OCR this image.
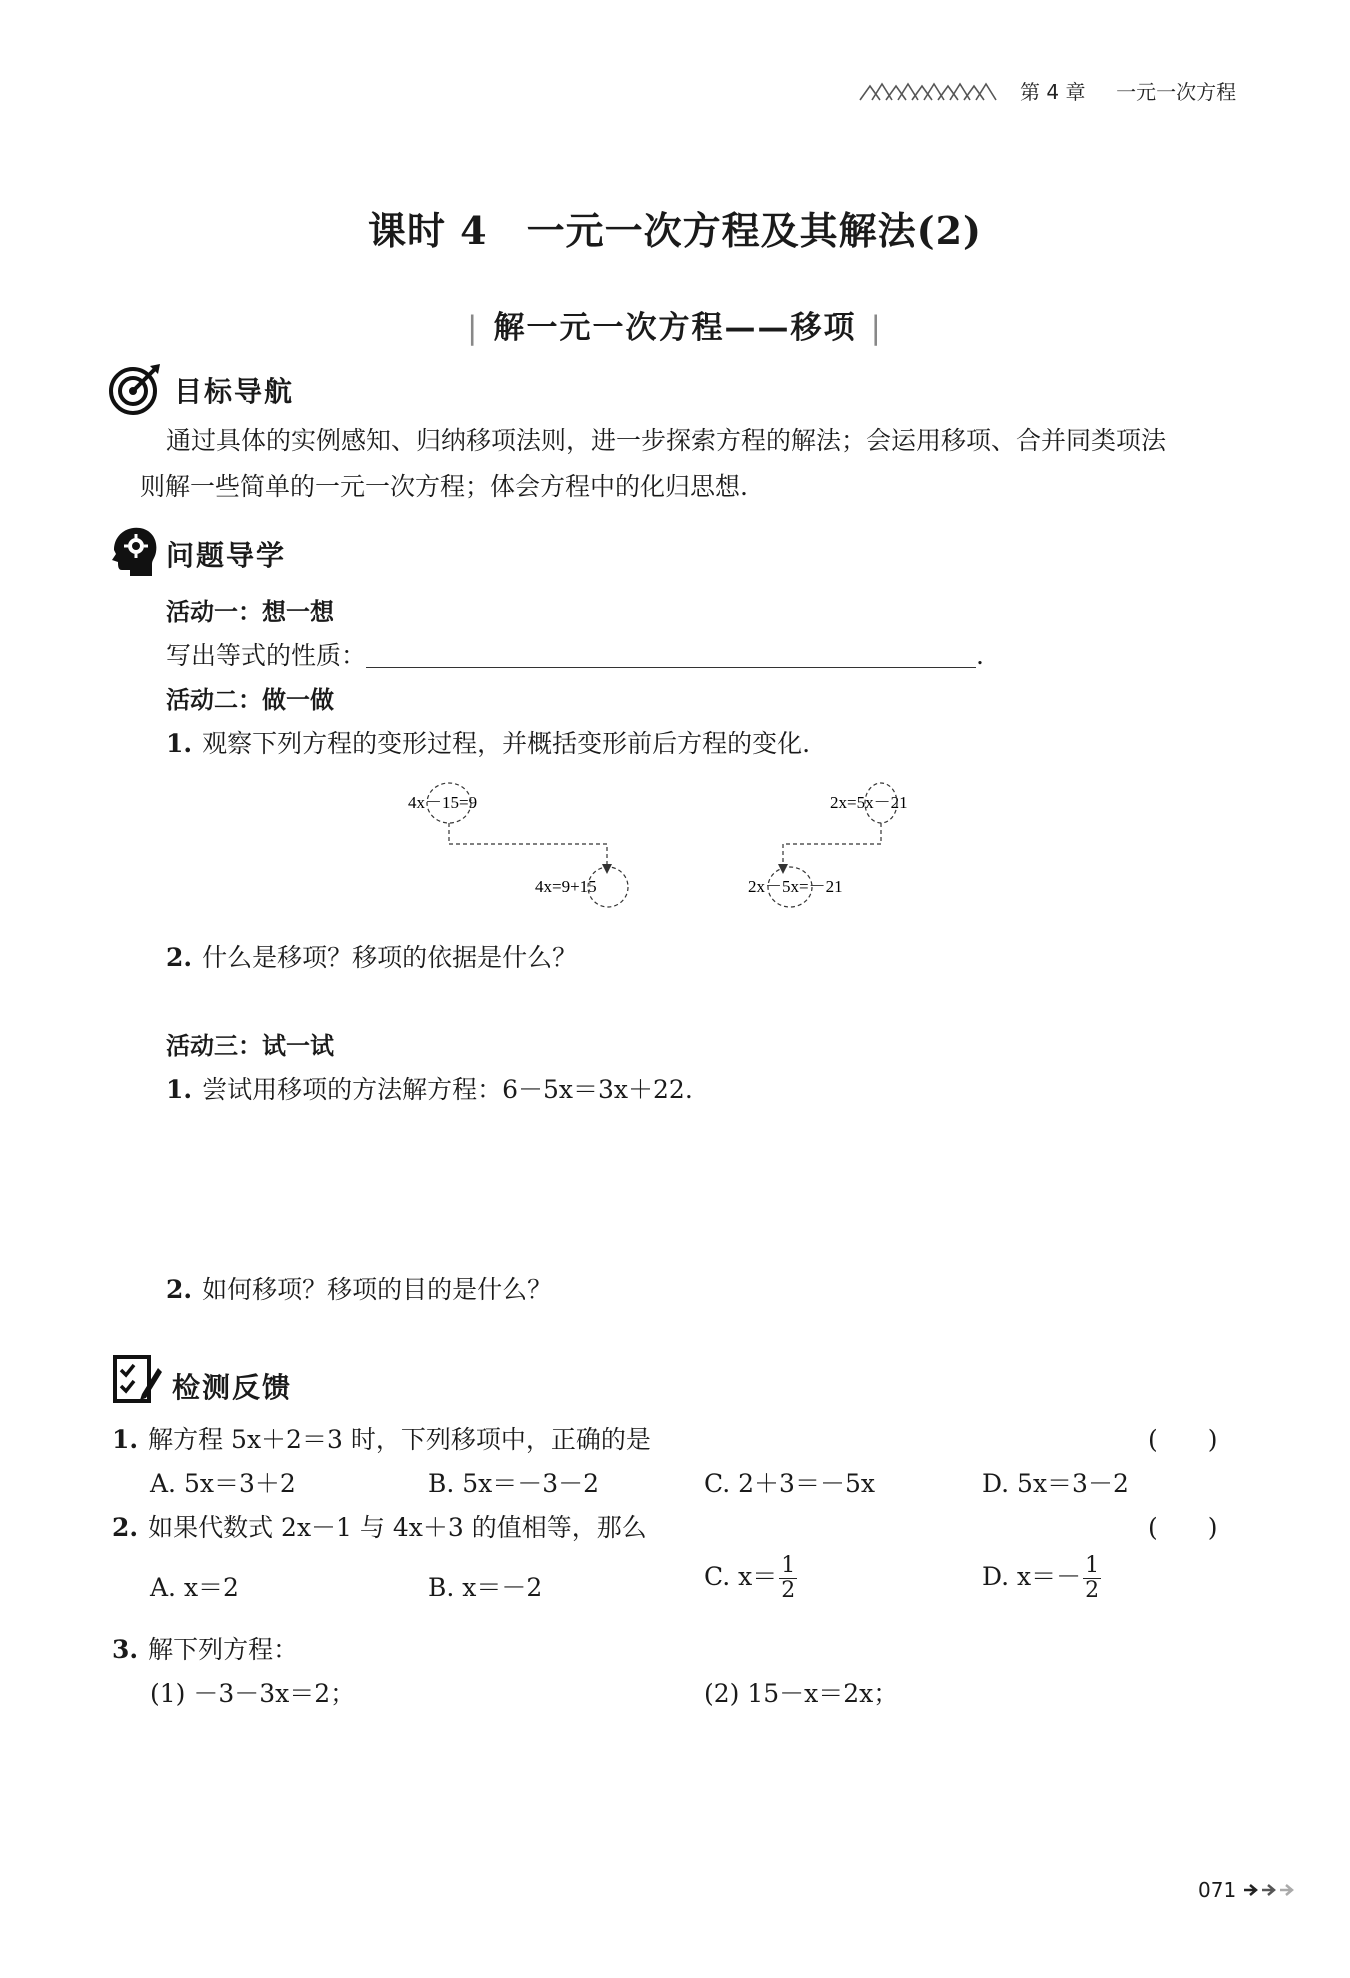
第 4 章 一元一次方程
课时 4　一元一次方程及其解法(2)
| 解一元一次方程——移项 |
目标导航
通过具体的实例感知、归纳移项法则，进一步探索方程的解法；会运用移项、合并同类项法
则解一些简单的一元一次方程；体会方程中的化归思想.
问题导学
活动一：想一想
写出等式的性质：	.
活动二：做一做
1. 观察下列方程的变形过程，并概括变形前后方程的变化.
4x－15=9
4x=9+15
2x=5x－21
2x－5x=－21
2. 什么是移项？移项的依据是什么？
活动三：试一试
1. 尝试用移项的方法解方程：6－5x＝3x＋22.
2. 如何移项？移项的目的是什么？
检测反馈
1. 解方程 5x＋2＝3 时，下列移项中，正确的是	(　　)
A. 5x＝3＋2	B. 5x＝－3－2	C. 2＋3＝－5x	D. 5x＝3－2
2. 如果代数式 2x－1 与 4x＋3 的值相等，那么	(　　)
A. x＝2	B. x＝－2	C. $x= \frac{1}{2}$	D. $x=- \frac{1}{2}$
3. 解下列方程：
(1) －3－3x＝2；	(2) 15－x＝2x；
071
